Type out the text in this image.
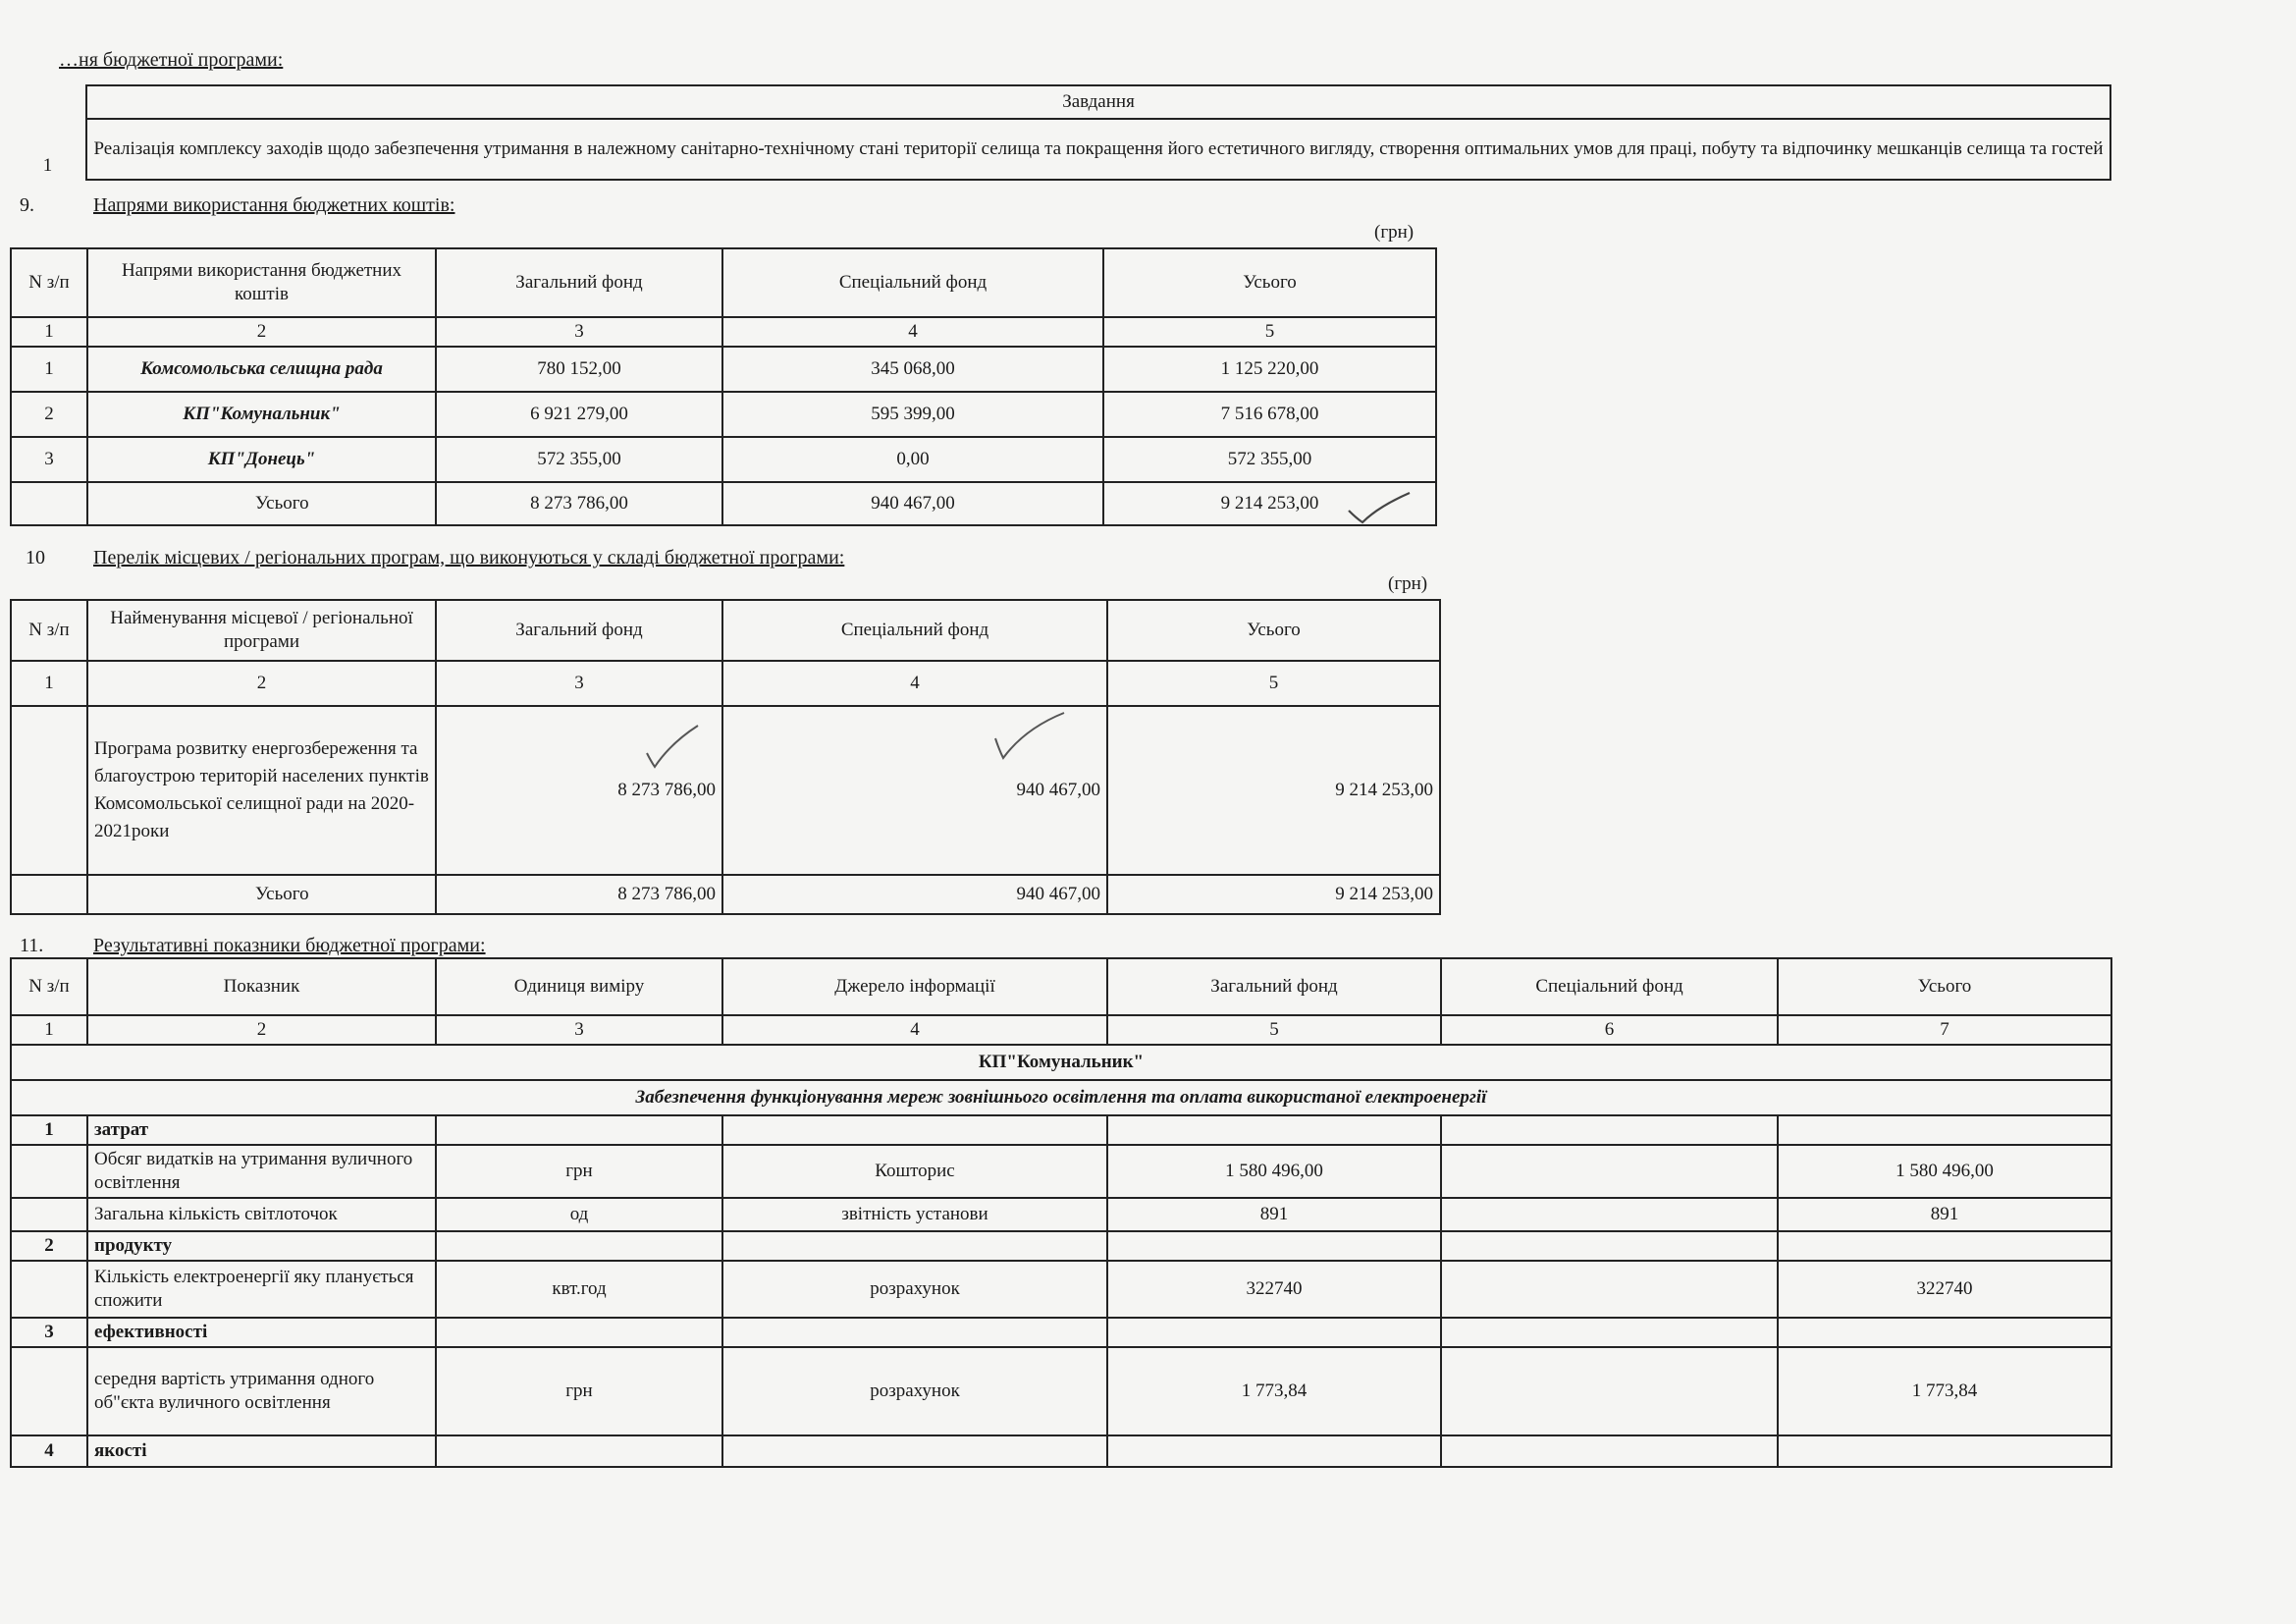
…ня бюджетної програми:
	Завдання
1	Реалізація комплексу заходів щодо забезпечення утримання в належному санітарно-технічному стані території селища та покращення його естетичного вигляду, створення оптимальних умов для праці, побуту та відпочинку мешканців селища та гостей
9.	Напрями використання бюджетних коштів:
(грн)
N з/п	Напрями використання бюджетних коштів	Загальний фонд	Спеціальний фонд	Усього
1	2	3	4	5
1	Комсомольська селищна рада	780 152,00	345 068,00	1 125 220,00
2	КП"Комунальник"	6 921 279,00	595 399,00	7 516 678,00
3	КП"Донець"	572 355,00	0,00	572 355,00
	Усього	8 273 786,00	940 467,00	9 214 253,00
10 Перелік місцевих / регіональних програм, що виконуються у складі бюджетної програми:
(грн)
N з/п	Найменування місцевої / регіональної програми	Загальний фонд	Спеціальний фонд	Усього
1	2	3	4	5
	Програма розвитку енергозбереження та благоустрою територій населених пунктів Комсомольської селищної ради на 2020-2021роки	8 273 786,00	940 467,00	9 214 253,00
	Усього	8 273 786,00	940 467,00	9 214 253,00
11.	Результативні показники бюджетної програми:
N з/п	Показник	Одиниця виміру	Джерело інформації	Загальний фонд	Спеціальний фонд	Усього
1	2	3	4	5	6	7
КП"Комунальник"						
Забезпечення функціонування мереж зовнішнього освітлення та оплата використаної електроенергії						
1	затрат					
	Обсяг видатків на утримання вуличного освітлення	грн	Кошторис	1 580 496,00		1 580 496,00
	Загальна кількість світлоточок	од	звітність установи	891		891
2	продукту					
	Кількість електроенергії яку планується спожити	квт.год	розрахунок	322740		322740
3	ефективності					
	середня вартість утримання одного об"єкта вуличного освітлення	грн	розрахунок	1 773,84		1 773,84
4	якості					
